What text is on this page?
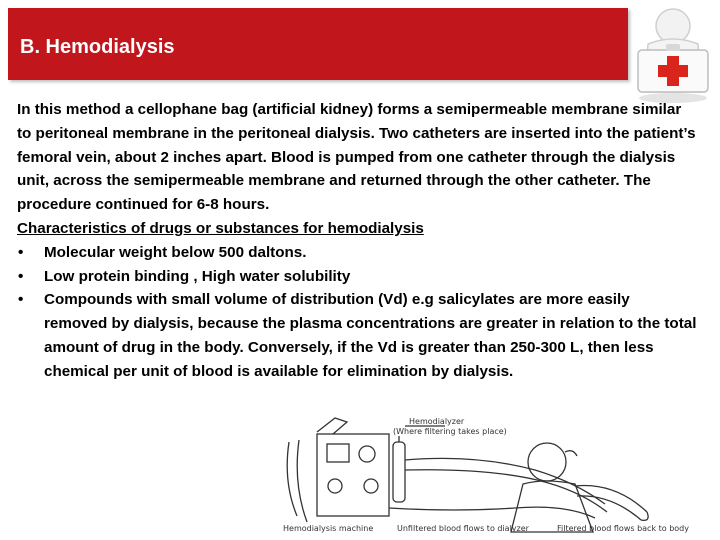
B. Hemodialysis

In this method a cellophane bag (artificial kidney) forms a semipermeable membrane similar to peritoneal membrane in the peritoneal dialysis. Two catheters are inserted into the patient’s femoral vein, about 2 inches apart. Blood is pumped from one catheter through the dialysis unit, across the semipermeable membrane and returned through the other catheter. The procedure continued for 6-8 hours.

Characteristics of drugs or substances for hemodialysis

• Molecular weight below 500 daltons.
• Low protein binding , High water solubility
• Compounds with small volume of distribution (Vd) e.g salicylates are more easily removed by dialysis, because the plasma concentrations are greater in relation to the total amount of drug in the body. Conversely, if the Vd is greater than 250-300 L, then less chemical per unit of blood is available for elimination by dialysis.
Hemodialyzer
(Where filtering takes place)
Hemodialysis machine	Unfiltered blood flows to dialyzer	Filtered blood flows back to body
